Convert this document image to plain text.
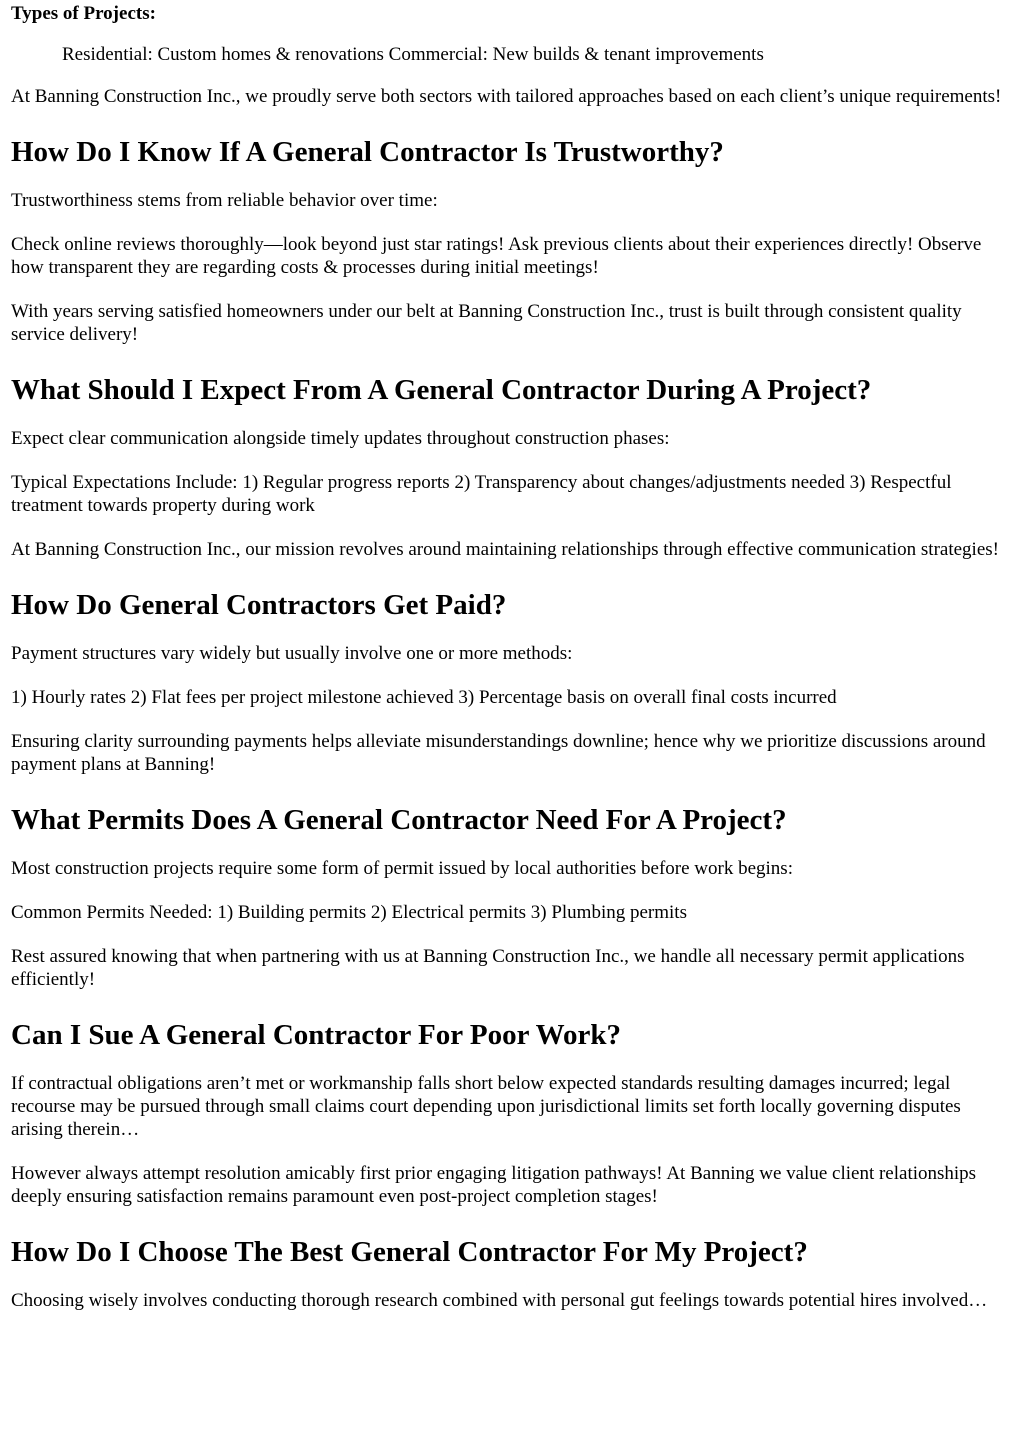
Types of Projects:
Residential: Custom homes & renovations Commercial: New builds & tenant improvements

At Banning Construction Inc., we proudly serve both sectors with tailored approaches based on each client’s unique requirements!

How Do I Know If A General Contractor Is Trustworthy?

Trustworthiness stems from reliable behavior over time:

Check online reviews thoroughly—look beyond just star ratings! Ask previous clients about their experiences directly! Observe how transparent they are regarding costs & processes during initial meetings!

With years serving satisfied homeowners under our belt at Banning Construction Inc., trust is built through consistent quality service delivery!

What Should I Expect From A General Contractor During A Project?

Expect clear communication alongside timely updates throughout construction phases:

Typical Expectations Include: 1) Regular progress reports 2) Transparency about changes/adjustments needed 3) Respectful treatment towards property during work

At Banning Construction Inc., our mission revolves around maintaining relationships through effective communication strategies!

How Do General Contractors Get Paid?

Payment structures vary widely but usually involve one or more methods:

1) Hourly rates 2) Flat fees per project milestone achieved 3) Percentage basis on overall final costs incurred

Ensuring clarity surrounding payments helps alleviate misunderstandings downline; hence why we prioritize discussions around payment plans at Banning!

What Permits Does A General Contractor Need For A Project?

Most construction projects require some form of permit issued by local authorities before work begins:

Common Permits Needed: 1) Building permits 2) Electrical permits 3) Plumbing permits

Rest assured knowing that when partnering with us at Banning Construction Inc., we handle all necessary permit applications efficiently!

Can I Sue A General Contractor For Poor Work?

If contractual obligations aren’t met or workmanship falls short below expected standards resulting damages incurred; legal recourse may be pursued through small claims court depending upon jurisdictional limits set forth locally governing disputes arising therein…

However always attempt resolution amicably first prior engaging litigation pathways! At Banning we value client relationships deeply ensuring satisfaction remains paramount even post-project completion stages!

How Do I Choose The Best General Contractor For My Project?

Choosing wisely involves conducting thorough research combined with personal gut feelings towards potential hires involved…
